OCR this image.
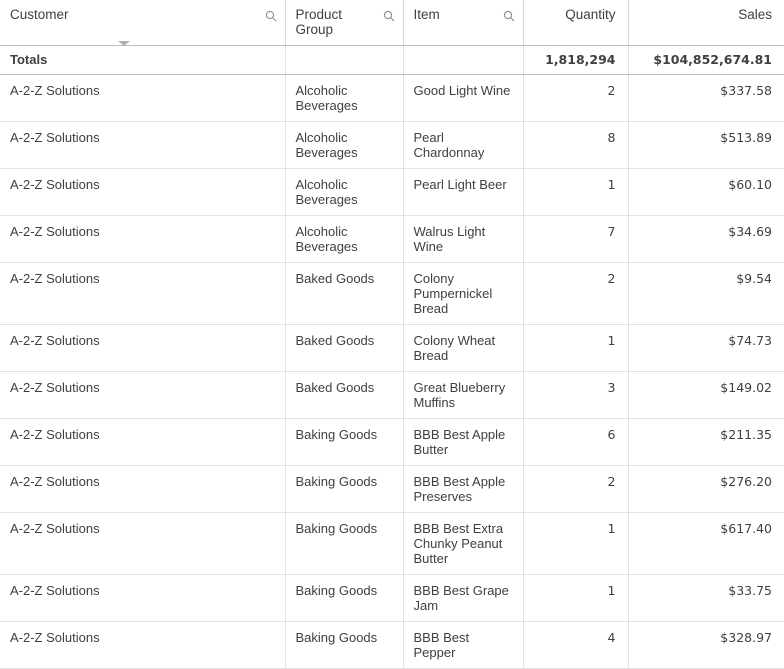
Customer	Product Group	Item	Quantity	Sales

Totals			1,818,294	$104,852,674.81
A-2-Z Solutions	Alcoholic Beverages	Good Light Wine	2	$337.58
A-2-Z Solutions	Alcoholic Beverages	Pearl Chardonnay	8	$513.89
A-2-Z Solutions	Alcoholic Beverages	Pearl Light Beer	1	$60.10
A-2-Z Solutions	Alcoholic Beverages	Walrus Light Wine	7	$34.69
A-2-Z Solutions	Baked Goods	Colony Pumpernickel Bread	2	$9.54
A-2-Z Solutions	Baked Goods	Colony Wheat Bread	1	$74.73
A-2-Z Solutions	Baked Goods	Great Blueberry Muffins	3	$149.02
A-2-Z Solutions	Baking Goods	BBB Best Apple Butter	6	$211.35
A-2-Z Solutions	Baking Goods	BBB Best Apple Preserves	2	$276.20
A-2-Z Solutions	Baking Goods	BBB Best Extra Chunky Peanut Butter	1	$617.40
A-2-Z Solutions	Baking Goods	BBB Best Grape Jam	1	$33.75
A-2-Z Solutions	Baking Goods	BBB Best Pepper	4	$328.97
